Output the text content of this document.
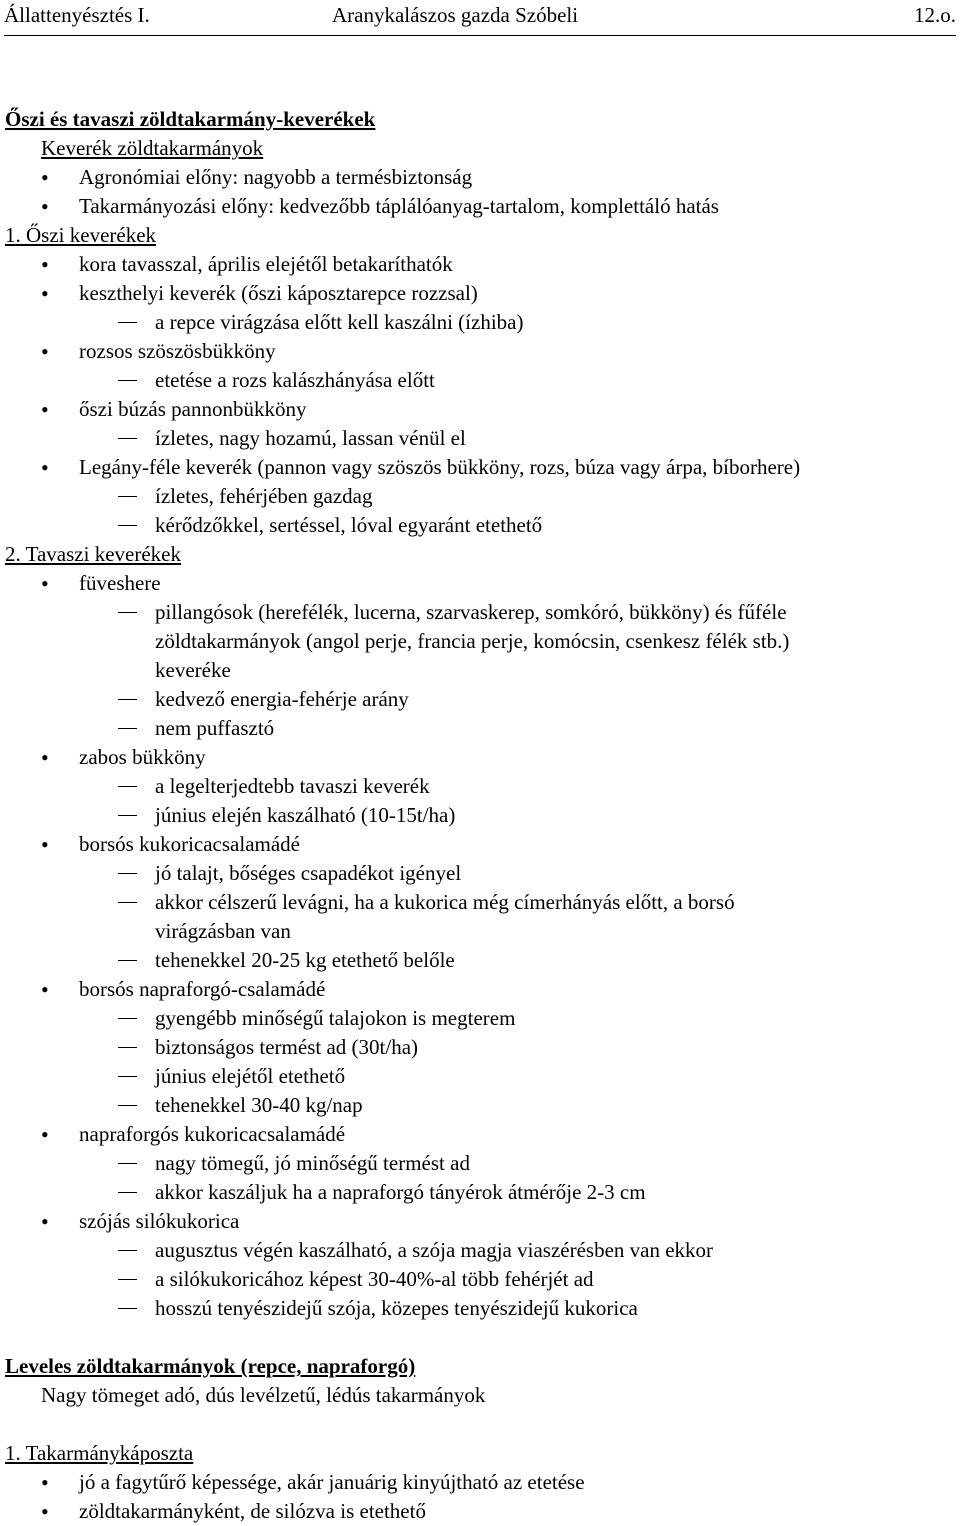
Állattenyésztés I.	Aranykalászos gazda Szóbeli	12.o.
Őszi és tavaszi zöldtakarmány-keverékek
Keverék zöldtakarmányok
Agronómiai előny: nagyobb a termésbiztonság
•
Takarmányozási előny: kedvezőbb táplálóanyag-tartalom, komplettáló hatás
•
1. Őszi keverékek
kora tavasszal, április elejétől betakaríthatók
•
keszthelyi keverék (őszi káposztarepce rozzsal)
•
a repce virágzása előtt kell kaszálni (ízhiba)
rozsos szöszösbükköny
•
etetése a rozs kalászhányása előtt
őszi búzás pannonbükköny
•
ízletes, nagy hozamú, lassan vénül el
Legány-féle keverék (pannon vagy szöszös bükköny, rozs, búza vagy árpa, bíborhere)
•
ízletes, fehérjében gazdag
kérődzőkkel, sertéssel, lóval egyaránt etethető
2. Tavaszi keverékek
füveshere
•
pillangósok (herefélék, lucerna, szarvaskerep, somkóró, bükköny) és fűféle
zöldtakarmányok (angol perje, francia perje, komócsin, csenkesz félék stb.)
keveréke
kedvező energia-fehérje arány
nem puffasztó
zabos bükköny
•
a legelterjedtebb tavaszi keverék
június elején kaszálható (10-15t/ha)
borsós kukoricacsalamádé
•
jó talajt, bőséges csapadékot igényel
akkor célszerű levágni, ha a kukorica még címerhányás előtt, a borsó
virágzásban van
tehenekkel 20-25 kg etethető belőle
borsós napraforgó-csalamádé
•
gyengébb minőségű talajokon is megterem
biztonságos termést ad (30t/ha)
június elejétől etethető
tehenekkel 30-40 kg/nap
napraforgós kukoricacsalamádé
•
nagy tömegű, jó minőségű termést ad
akkor kaszáljuk ha a napraforgó tányérok átmérője 2-3 cm
szójás silókukorica
•
augusztus végén kaszálható, a szója magja viaszérésben van ekkor
a silókukoricához képest 30-40%-al több fehérjét ad
hosszú tenyészidejű szója, közepes tenyészidejű kukorica
Leveles zöldtakarmányok (repce, napraforgó)
Nagy tömeget adó, dús levélzetű, lédús takarmányok
1. Takarmánykáposzta
jó a fagytűrő képessége, akár januárig kinyújtható az etetése
•
zöldtakarmányként, de silózva is etethető
•
